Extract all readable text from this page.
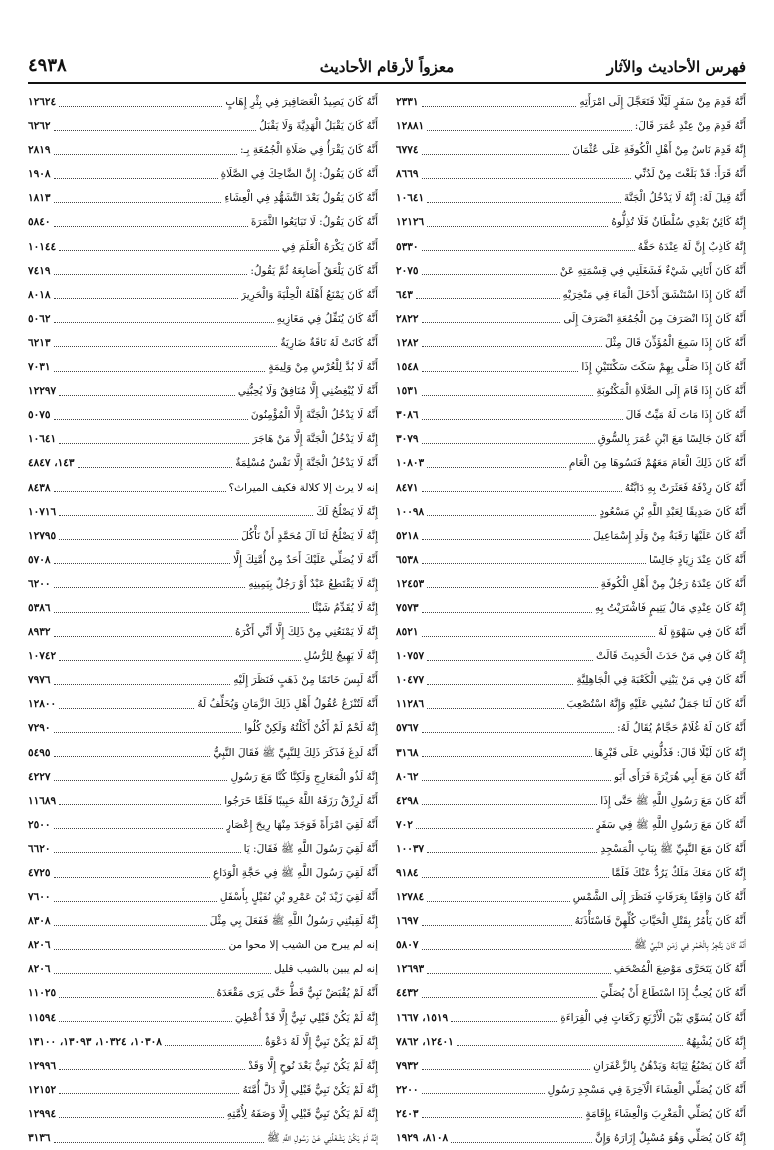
فهرس الأحاديث والآثار
معزواً لأرقام الأحاديث
٤٩٣٨
أَنَّهُ قَدِمَ مِنْ سَفَرٍ لَيْلًا فَتَعَجَّلَ إِلَى امْرَأَتِهِ
٢٣٣١
أَنَّهُ قَدِمَ مِنْ عِنْدِ عُمَرَ قَالَ:
١٢٨٨١
إِنَّهُ قَدِمَ نَاسٌ مِنْ أَهْلِ الْكُوفَةِ عَلَى عُثْمَانَ
٦٧٧٤
أَنَّهُ قَرَأَ: قَدْ بَلَغْتَ مِنْ لَدُنِّي
٨٦٦٩
أَنَّهُ قِيلَ لَهُ: إِنَّهُ لَا يَدْخُلُ الْجَنَّةَ
١٠٦٤١
إِنَّهُ كَائِنٌ بَعْدِي سُلْطَانٌ فَلَا تُذِلُّوهُ
١٢١٢٦
إِنَّهُ كَاذِبٌ إِنَّ لَهُ عِنْدَهُ حَقَّهُ
٥٣٣٠
أَنَّهُ كَانَ أَتَانِي شَيْءٌ فَشَغَلَنِي فِي قِسْمَتِهِ عَنْ
٢٠٧٥
أَنَّهُ كَانَ إِذَا اسْتَنْشَقَ أَدْخَلَ الْمَاءَ فِي مَنْخِرَيْهِ
٦٤٣
أَنَّهُ كَانَ إِذَا انْصَرَفَ مِنَ الْجُمُعَةِ انْصَرَفَ إِلَى
٢٨٢٢
أَنَّهُ كَانَ إِذَا سَمِعَ الْمُؤَذِّنَ قَالَ مِثْلَ
١٢٨٢
أَنَّهُ كَانَ إِذَا صَلَّى بِهِمْ سَكَتَ سَكْتَتَيْنِ إِذَا
١٥٤٨
أَنَّهُ كَانَ إِذَا قَامَ إِلَى الصَّلَاةِ الْمَكْتُوبَةِ
١٥٣١
أَنَّهُ كَانَ إِذَا مَاتَ لَهُ مَيِّتٌ قَالَ
٣٠٨٦
أَنَّهُ كَانَ جَالِسًا مَعَ ابْنِ عُمَرَ بِالسُّوقِ
٣٠٧٩
أَنَّهُ كَانَ ذَلِكَ الْعَامَ مَعَهُمْ فَنَسُوهَا مِنَ الْعَامِ
١٠٨٠٣
أَنَّهُ كَانَ رِدْفَهُ فَعَثَرَتْ بِهِ دَابَّتُهُ
٨٤٧١
أَنَّهُ كَانَ صَدِيقًا لِعَبْدِ اللَّهِ بْنِ مَسْعُودٍ
١٠٠٩٨
أَنَّهُ كَانَ عَلَيْهَا رَقَبَةٌ مِنْ وَلَدِ إِسْمَاعِيلَ
٥٢١٨
أَنَّهُ كَانَ عِنْدَ زِيَادٍ جَالِسًا
٦٥٣٨
أَنَّهُ كَانَ عِنْدَهُ رَجُلٌ مِنْ أَهْلِ الْكُوفَةِ
١٢٤٥٣
إِنَّهُ كَانَ عِنْدِي مَالٌ يَتِيمٍ فَاشْتَرَيْتُ بِهِ
٧٥٧٣
أَنَّهُ كَانَ فِي سَهْوَةٍ لَهُ
٨٥٢١
إِنَّهُ كَانَ فِي مَنْ حَدَثَ الْحَدِيثَ قَالَتْ
١٠٧٥٧
أَنَّهُ كَانَ فِي مَنْ يَبْنِي الْكَعْبَةَ فِي الْجَاهِلِيَّةِ
١٠٤٧٧
أَنَّهُ كَانَ لَنَا جَمَلٌ نُسْنِي عَلَيْهِ وَإِنَّهُ اسْتُصْعِبَ
١١٢٨٦
أَنَّهُ كَانَ لَهُ غُلَامٌ حَجَّامٌ يُقَالُ لَهُ:
٥٧٦٧
إِنَّهُ كَانَ لَيْلًا قَالَ: فَدُلُّونِي عَلَى قَبْرِهَا
٣١٦٨
أَنَّهُ كَانَ مَعَ أَبِي هُرَيْرَةَ فَرَأَى أَبَو
٨٠٦٢
أَنَّهُ كَانَ مَعَ رَسُولِ اللَّهِ ﷺ حَتَّى إِذَا
٤٢٩٨
أَنَّهُ كَانَ مَعَ رَسُولِ اللَّهِ ﷺ فِي سَفَرٍ
٧٠٢
أَنَّهُ كَانَ مَعَ النَّبِيِّ ﷺ بِبَابِ الْمَسْجِدِ
١٠٠٣٧
إِنَّهُ كَانَ مَعَكَ مَلَكٌ يَرُدُّ عَنْكَ فَلَمَّا
٩١٨٤
أَنَّهُ كَانَ وَاقِفًا بِعَرَفَاتٍ فَنَظَرَ إِلَى الشَّمْسِ
١٢٧٨٤
أَنَّهُ كَانَ يَأْمُرُ بِقَتْلِ الْحَيَّاتِ كُلِّهِنَّ فَاسْتَأْذَنَهُ
١٦٩٧
أَنَّهُ كَانَ يَتَّجِرُ بِالْخَمْرِ فِي زَمَنِ النَّبِيِّ ﷺ
٥٨٠٧
أَنَّهُ كَانَ يَتَحَرَّى مَوْضِعَ الْمُصْحَفِ
١٢٦٩٣
أَنَّهُ كَانَ يُحِبُّ إِذَا اسْتَطَاعَ أَنْ يُصَلِّيَ
٤٤٣٢
أَنَّهُ كَانَ يُسَوِّي بَيْنَ الْأَرْبَعِ رَكَعَاتٍ فِي الْقِرَاءَةِ
١٥١٩، ١٦٦٧
إِنَّهُ كَانَ يُشْبِهُهُ
١٢٤٠١، ٧٨٦٢
أَنَّهُ كَانَ يَصْبُغُ ثِيَابَهُ وَيَدْهُنُ بِالزَّعْفَرَانِ
٧٩٣٢
أَنَّهُ كَانَ يُصَلِّي الْعِشَاءَ الْآخِرَةَ فِي مَسْجِدِ رَسُولِ
٢٢٠٠
أَنَّهُ كَانَ يُصَلِّي الْمَغْرِبَ وَالْعِشَاءَ بِإِقَامَةٍ
٢٤٠٣
إِنَّهُ كَانَ يُصَلِّي وَهُوَ مُسْبِلٌ إِزَارَهُ وَإِنَّ
٨١٠٨، ١٩٢٩
أَنَّهُ كَانَ يَصِيدُ الْعَصَافِيرَ فِي بِئْرِ إِهَابٍ
١٢٦٢٤
أَنَّهُ كَانَ يَقْبَلُ الْهَدِيَّةَ وَلَا يَقْبَلُ
٦٢٦٢
أَنَّهُ كَانَ يَقْرَأُ فِي صَلَاةِ الْجُمُعَةِ بِـ:
٢٨١٩
أَنَّهُ كَانَ يَقُولُ: إِنَّ الضَّاحِكَ فِي الصَّلَاةِ
١٩٠٨
أَنَّهُ كَانَ يَقُولُ بَعْدَ التَّشَهُّدِ فِي الْعِشَاءِ
١٨١٣
أَنَّهُ كَانَ يَقُولُ: لَا تَبَايَعُوا الثَّمَرَةَ
٥٨٤٠
أَنَّهُ كَانَ يَكْرَهُ الْعَلَمَ فِي
١٠١٤٤
أَنَّهُ كَانَ يَلْعَقُ أَصَابِعَهُ ثُمَّ يَقُولُ:
٧٤١٩
أَنَّهُ كَانَ يَمْنَعُ أَهْلَهُ الْحِلْيَةَ وَالْحَرِيرَ
٨٠١٨
أَنَّهُ كَانَ يُنَفِّلُ فِي مَغَازِيهِ
٥٠٦٢
أَنَّهُ كَانَتْ لَهُ نَاقَةٌ ضَارِيَةٌ
٦٢١٣
أَنَّهُ لَا بُدَّ لِلْعُرْسِ مِنْ وَلِيمَةٍ
٧٠٣١
أَنَّهُ لَا يُبْغِضُنِي إِلَّا مُنَافِقٌ وَلَا يُحِبُّنِي
١٢٢٩٧
أَنَّهُ لَا يَدْخُلُ الْجَنَّةَ إِلَّا الْمُؤْمِنُونَ
٥٠٧٥
إِنَّهُ لَا يَدْخُلُ الْجَنَّةَ إِلَّا مَنْ هَاجَرَ
١٠٦٤١
أَنَّهُ لَا يَدْخُلُ الْجَنَّةَ إِلَّا نَفْسٌ مُسْلِمَةٌ
١٤٣، ٤٨٤٧
إنه لا يرث إلا كلالة فكيف الميراث؟
٨٤٣٨
إِنَّهُ لَا يَصْلُحُ لَكَ
١٠٧١٦
إِنَّهُ لَا يَصْلُحُ لَنَا آلَ مُحَمَّدٍ أَنْ نَأْكُلَ
١٢٧٩٥
أَنَّهُ لَا يُصَلِّي عَلَيْكَ أَحَدٌ مِنْ أُمَّتِكَ إِلَّا
٥٧٠٨
إِنَّهُ لَا يَقْتَطِعُ عَبْدٌ أَوْ رَجُلٌ بِيَمِينِهِ
٦٢٠٠
إِنَّهُ لَا يُقَدِّمُ شَيْئًا
٥٣٨٦
إِنَّهُ لَا يَمْنَعُنِي مِنْ ذَلِكَ إِلَّا أَنِّي أَكْرَهُ
٨٩٣٢
إِنَّهُ لَا يَهِيجُ لِلرُّسُلِ
١٠٧٤٢
أَنَّهُ لَبِسَ خَاتَمًا مِنْ ذَهَبٍ فَنَظَرَ إِلَيْهِ
٧٩٧٦
أَنَّهُ لَتُنْزَعُ عُقُولُ أَهْلِ ذَلِكَ الزَّمَانِ وَيُخَلِّفُ لَهُ
١٢٨٠٠
إِنَّهُ لَحْمٌ لَمْ أَكُنْ أَكَلْتُهُ وَلَكِنْ كُلُوا
٧٢٩٠
أَنَّهُ لَدِغَ فَذَكَرَ ذَلِكَ لِلنَّبِيِّ ﷺ فَقَالَ النَّبِيُّ
٥٤٩٥
إِنَّهُ لَذُو الْمَعَارِجِ وَلَكِنَّا كُنَّا مَعَ رَسُولِ
٤٢٢٧
أَنَّهُ لَرِزْقٌ رَزَقَهُ اللَّهُ حَبِيبًا فَلَمَّا خَرَجُوا
١١٦٨٩
أَنَّهُ لَقِيَ امْرَأَةً فَوَجَدَ مِنْهَا رِيحَ إِعْصَارٍ
٢٥٠٠
أَنَّهُ لَقِيَ رَسُولَ اللَّهِ ﷺ فَقَالَ: يَا
٦٦٢٠
أَنَّهُ لَقِيَ رَسُولَ اللَّهِ ﷺ فِي حَجَّةِ الْوَدَاعِ
٤٧٢٥
أَنَّهُ لَقِيَ زَيْدَ بْنَ عَمْرِو بْنِ نُفَيْلٍ بِأَسْفَلِ
٧٦٠٠
إِنَّهُ لَقِيتُنِي رَسُولُ اللَّهِ ﷺ فَفَعَلَ بِي مِثْلَ
٨٣٠٨
إنه لم يبرح من الشيب إلا محوا من
٨٢٠٦
إنه لم يبين بالشيب قليل
٨٢٠٦
أَنَّهُ لَمْ يُقْبَضْ نَبِيٌّ قَطُّ حَتَّى يَرَى مَقْعَدَهُ
١١٠٢٥
إِنَّهُ لَمْ يَكُنْ قَبْلِي نَبِيٌّ إِلَّا قَدْ أُعْطِيَ
١١٥٩٤
إِنَّهُ لَمْ يَكُنْ نَبِيٌّ إِلَّا لَهُ دَعْوَةٌ
١٠٣٠٨، ١٠٣٢٤، ١٣٠٩٣، ١٣١٠٠
إِنَّهُ لَمْ يَكُنْ نَبِيٌّ بَعْدَ نُوحٍ إِلَّا وَقَدْ
١٢٩٩٦
إِنَّهُ لَمْ يَكُنْ نَبِيٌّ قَبْلِي إِلَّا دَلَّ أُمَّتَهُ
١٢١٥٢
إِنَّهُ لَمْ يَكُنْ نَبِيٌّ قَبْلِي إِلَّا وَصَفَهُ لِأُمَّتِهِ
١٢٩٩٤
إِنَّهُ لَمْ يَكُنْ يَشْغَلُنِي عَنْ رَسُولِ اللَّهِ ﷺ
٣١٣٦
